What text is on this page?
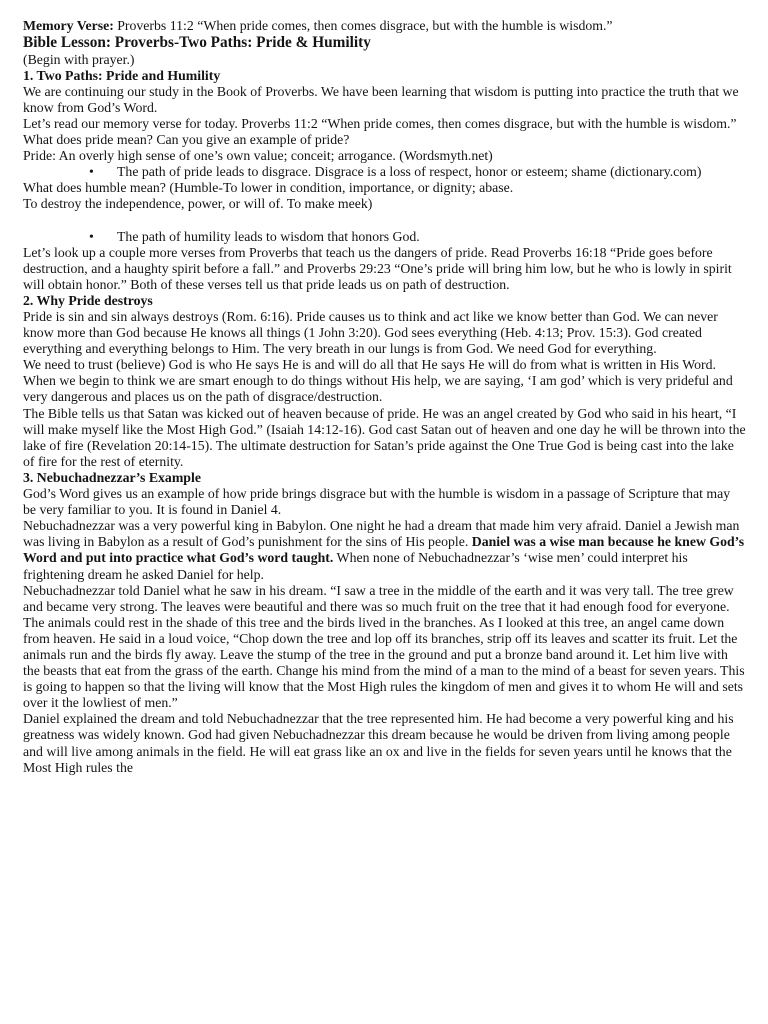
Memory Verse: Proverbs 11:2 “When pride comes, then comes disgrace, but with the humble is wisdom.”

Bible Lesson: Proverbs-Two Paths: Pride & Humility

(Begin with prayer.)

1. Two Paths: Pride and Humility

We are continuing our study in the Book of Proverbs. We have been learning that wisdom is putting into practice the truth that we know from God’s Word.

Let’s read our memory verse for today. Proverbs 11:2 “When pride comes, then comes disgrace, but with the humble is wisdom.”

What does pride mean? Can you give an example of pride?

Pride: An overly high sense of one’s own value; conceit; arrogance. (Wordsmyth.net)

• The path of pride leads to disgrace. Disgrace is a loss of respect, honor or esteem; shame (dictionary.com)

What does humble mean? (Humble-To lower in condition, importance, or dignity; abase.

To destroy the independence, power, or will of. To make meek)

• The path of humility leads to wisdom that honors God.

Let’s look up a couple more verses from Proverbs that teach us the dangers of pride. Read Proverbs 16:18 “Pride goes before destruction, and a haughty spirit before a fall.” and Proverbs 29:23 “One’s pride will bring him low, but he who is lowly in spirit will obtain honor.” Both of these verses tell us that pride leads us on path of destruction.

2. Why Pride destroys

Pride is sin and sin always destroys (Rom. 6:16). Pride causes us to think and act like we know better than God. We can never know more than God because He knows all things (1 John 3:20). God sees everything (Heb. 4:13; Prov. 15:3). God created everything and everything belongs to Him. The very breath in our lungs is from God. We need God for everything.

We need to trust (believe) God is who He says He is and will do all that He says He will do from what is written in His Word. When we begin to think we are smart enough to do things without His help, we are saying, ‘I am god’ which is very prideful and very dangerous and places us on the path of disgrace/destruction.

The Bible tells us that Satan was kicked out of heaven because of pride. He was an angel created by God who said in his heart, “I will make myself like the Most High God.” (Isaiah 14:12-16). God cast Satan out of heaven and one day he will be thrown into the lake of fire (Revelation 20:14-15). The ultimate destruction for Satan’s pride against the One True God is being cast into the lake of fire for the rest of eternity.

3. Nebuchadnezzar’s Example

God’s Word gives us an example of how pride brings disgrace but with the humble is wisdom in a passage of Scripture that may be very familiar to you. It is found in Daniel 4.

Nebuchadnezzar was a very powerful king in Babylon. One night he had a dream that made him very afraid. Daniel a Jewish man was living in Babylon as a result of God’s punishment for the sins of His people. Daniel was a wise man because he knew God’s Word and put into practice what God’s word taught. When none of Nebuchadnezzar’s ‘wise men’ could interpret his frightening dream he asked Daniel for help.

Nebuchadnezzar told Daniel what he saw in his dream. “I saw a tree in the middle of the earth and it was very tall. The tree grew and became very strong. The leaves were beautiful and there was so much fruit on the tree that it had enough food for everyone. The animals could rest in the shade of this tree and the birds lived in the branches. As I looked at this tree, an angel came down from heaven. He said in a loud voice, “Chop down the tree and lop off its branches, strip off its leaves and scatter its fruit. Let the animals run and the birds fly away. Leave the stump of the tree in the ground and put a bronze band around it. Let him live with the beasts that eat from the grass of the earth. Change his mind from the mind of a man to the mind of a beast for seven years. This is going to happen so that the living will know that the Most High rules the kingdom of men and gives it to whom He will and sets over it the lowliest of men.”

Daniel explained the dream and told Nebuchadnezzar that the tree represented him. He had become a very powerful king and his greatness was widely known. God had given Nebuchadnezzar this dream because he would be driven from living among people and will live among animals in the field. He will eat grass like an ox and live in the fields for seven years until he knows that the Most High rules the
